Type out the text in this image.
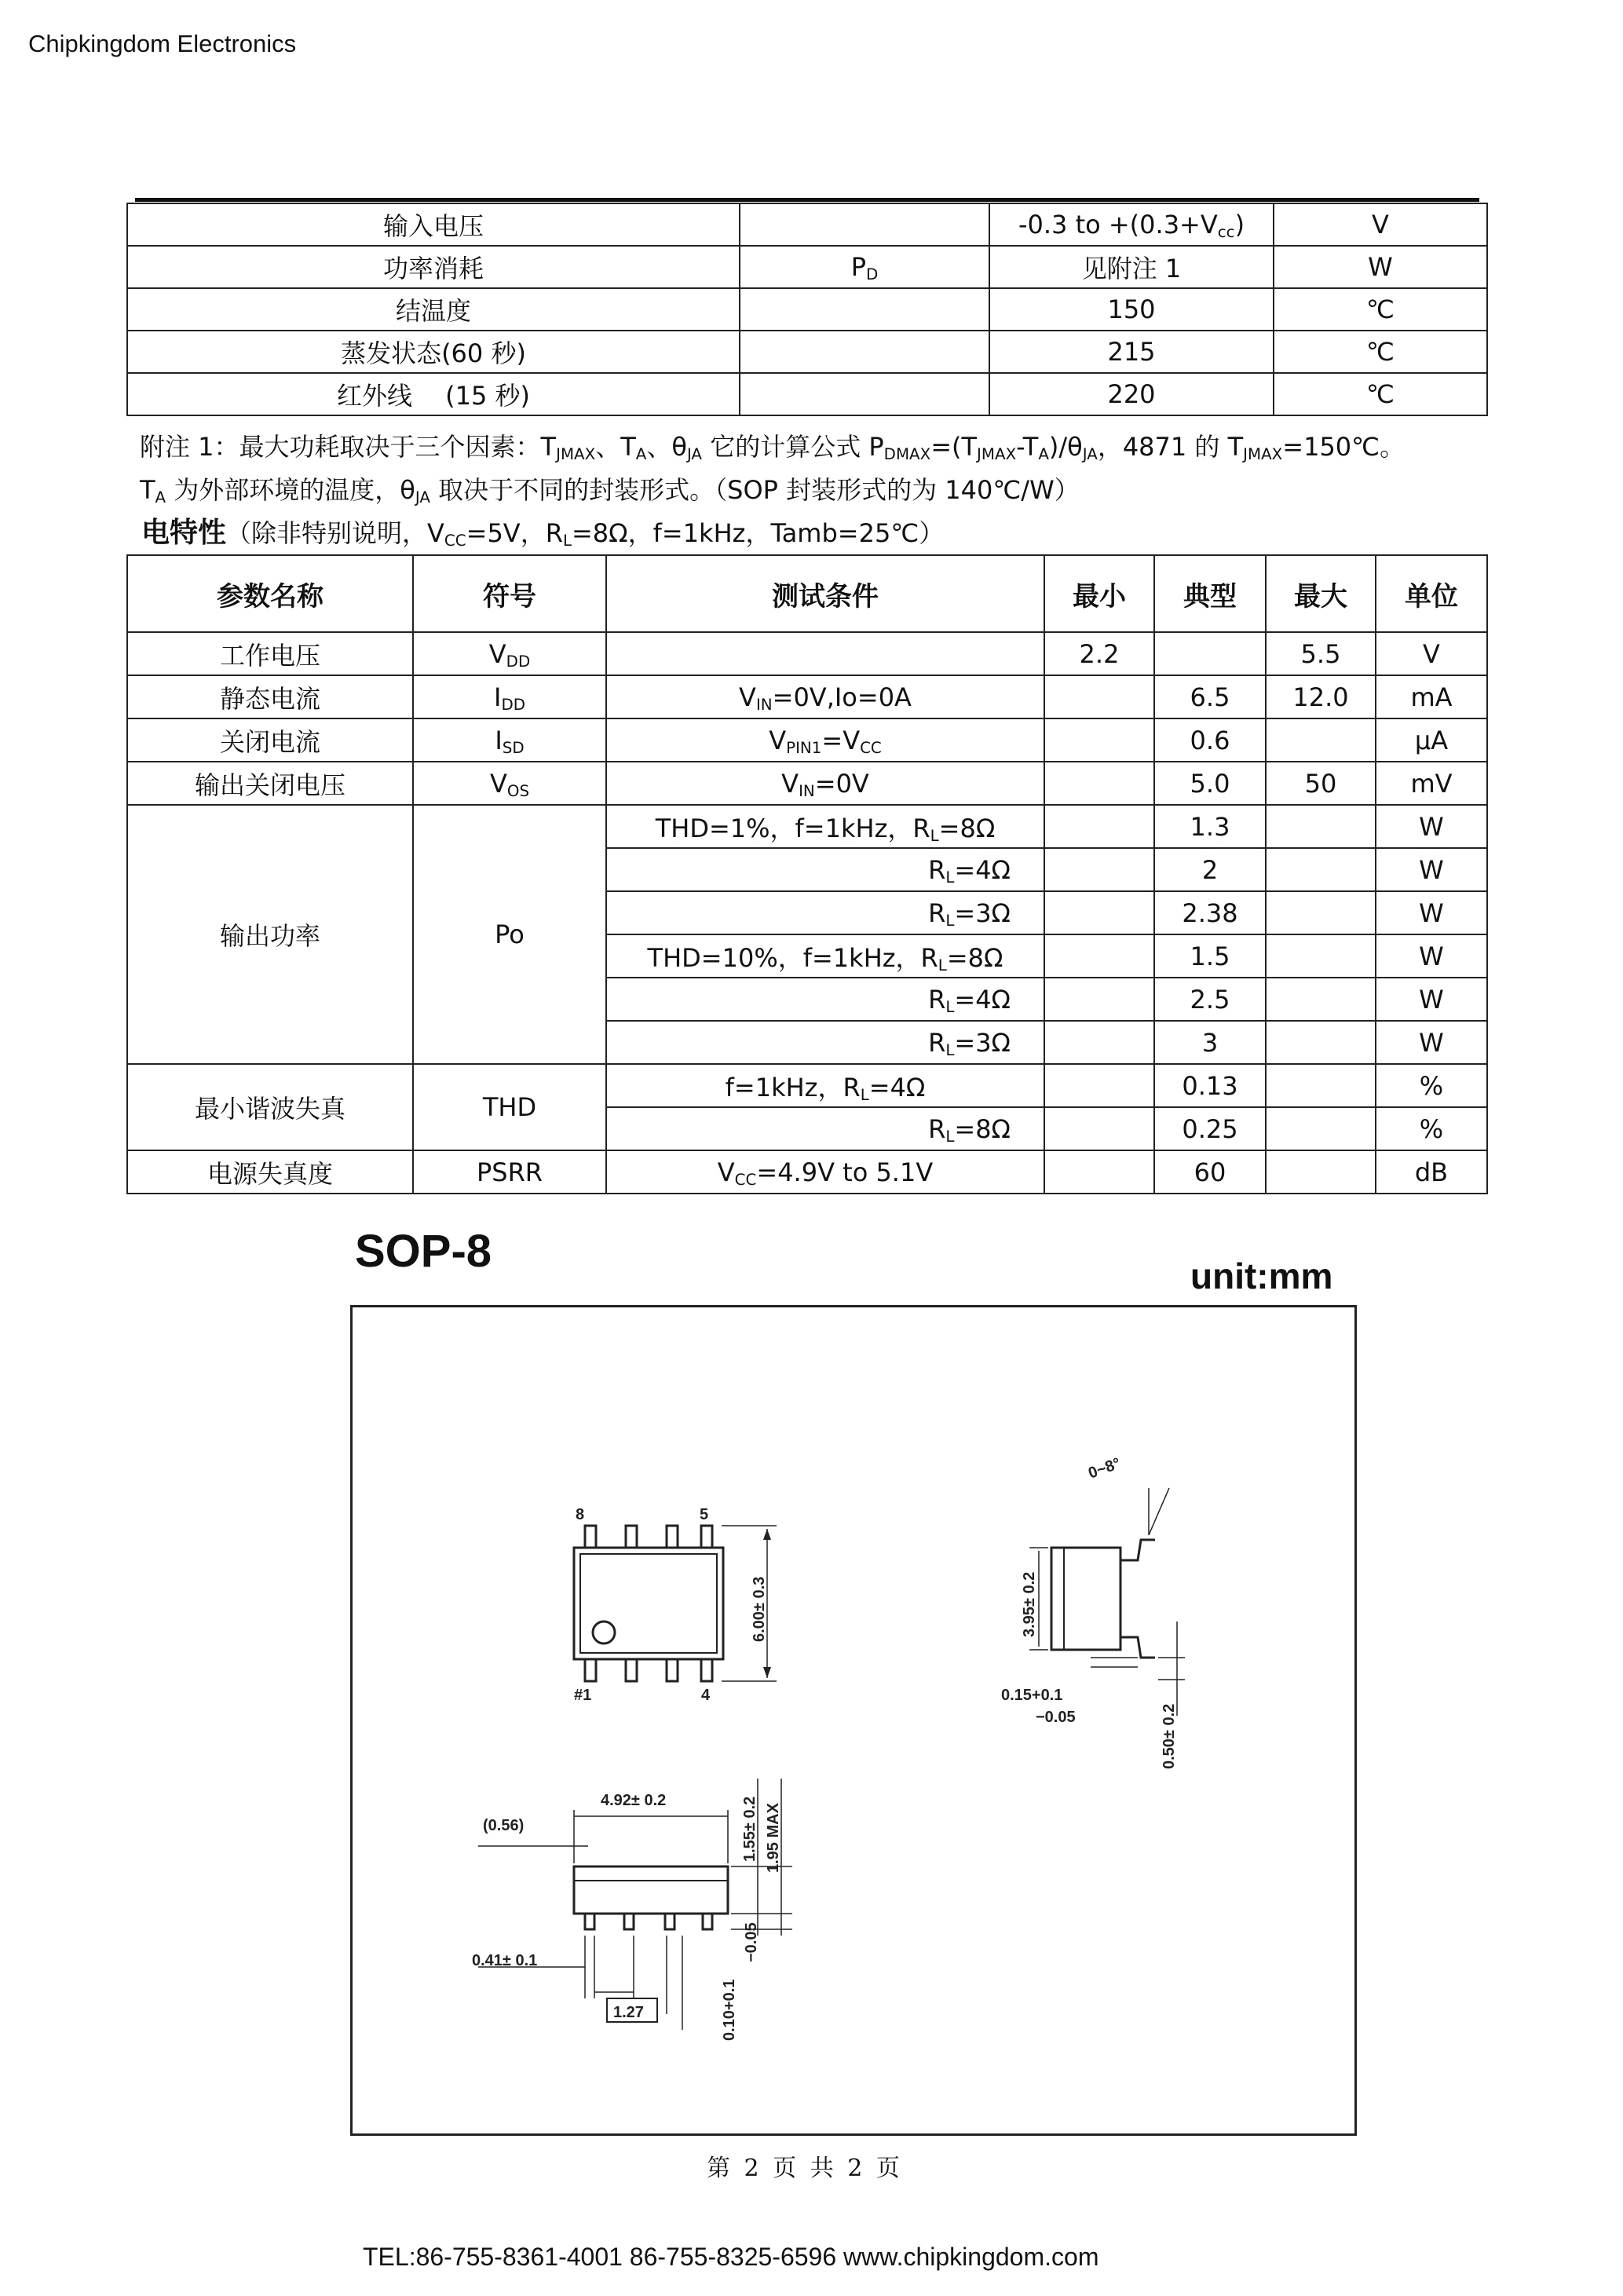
Chipkingdom Electronics
输入电压		-0.3 to $+(0.3+V_{cc})$	V
功率消耗	$P_D$	见附注 1	W
结温度		150	℃
蒸发状态(60 秒)		215	℃
红外线 　(15 秒)		220	℃
附注 1：最大功耗取决于三个因素：$T_{JMAX}$、$T_A$、$\theta_{JA}$ 它的计算公式 $P_{DMAX}=(T_{JMAX}-T_A)/\theta_{JA}$，4871 的 $T_{JMAX}=150℃$。
$T_A$ 为外部环境的温度，$\theta_{JA}$ 取决于不同的封装形式。（SOP 封装形式的为 140℃/W）
电特性（除非特别说明，$V_{CC}=5V$，$R_L=8\Omega$，f=1kHz，Tamb=25℃）
参数名称	符号	测试条件	最小	典型	最大	单位
工作电压	$V_{DD}$		2.2		5.5	V
静态电流	$I_{DD}$	$V_{IN}=0V,Io=0A$		6.5	12.0	mA
关闭电流	$I_{SD}$	$V_{PIN1}=V_{CC}$		0.6		μA
输出关闭电压	$V_{OS}$	$V_{IN}=0V$		5.0	50	mV
输出功率	Po	THD=1%，f=1kHz，$R_L=8\Omega$		1.3		W
		$R_L=4\Omega$		2		W
		$R_L=3\Omega$		2.38		W
		THD=10%，f=1kHz，$R_L=8\Omega$		1.5		W
		$R_L=4\Omega$		2.5		W
		$R_L=3\Omega$		3		W
最小谐波失真	THD	f=1kHz，$R_L=4\Omega$		0.13		%
		$R_L=8\Omega$		0.25		%
电源失真度	PSRR	$V_{CC}=4.9V$ to 5.1V		60		dB
SOP-8	unit:mm
8	5
#1	4
6.00± 0.3
4.92± 0.2
(0.56)	1.55± 0.2 1.95 MAX
0.41± 0.1
1.27	0.10+0.1
−0.05
0~8°
3.95± 0.2
0.15+0.1
−0.05	0.50± 0.2
第 2 页 共 2 页
TEL:86-755-8361-4001 86-755-8325-6596 www.chipkingdom.com
